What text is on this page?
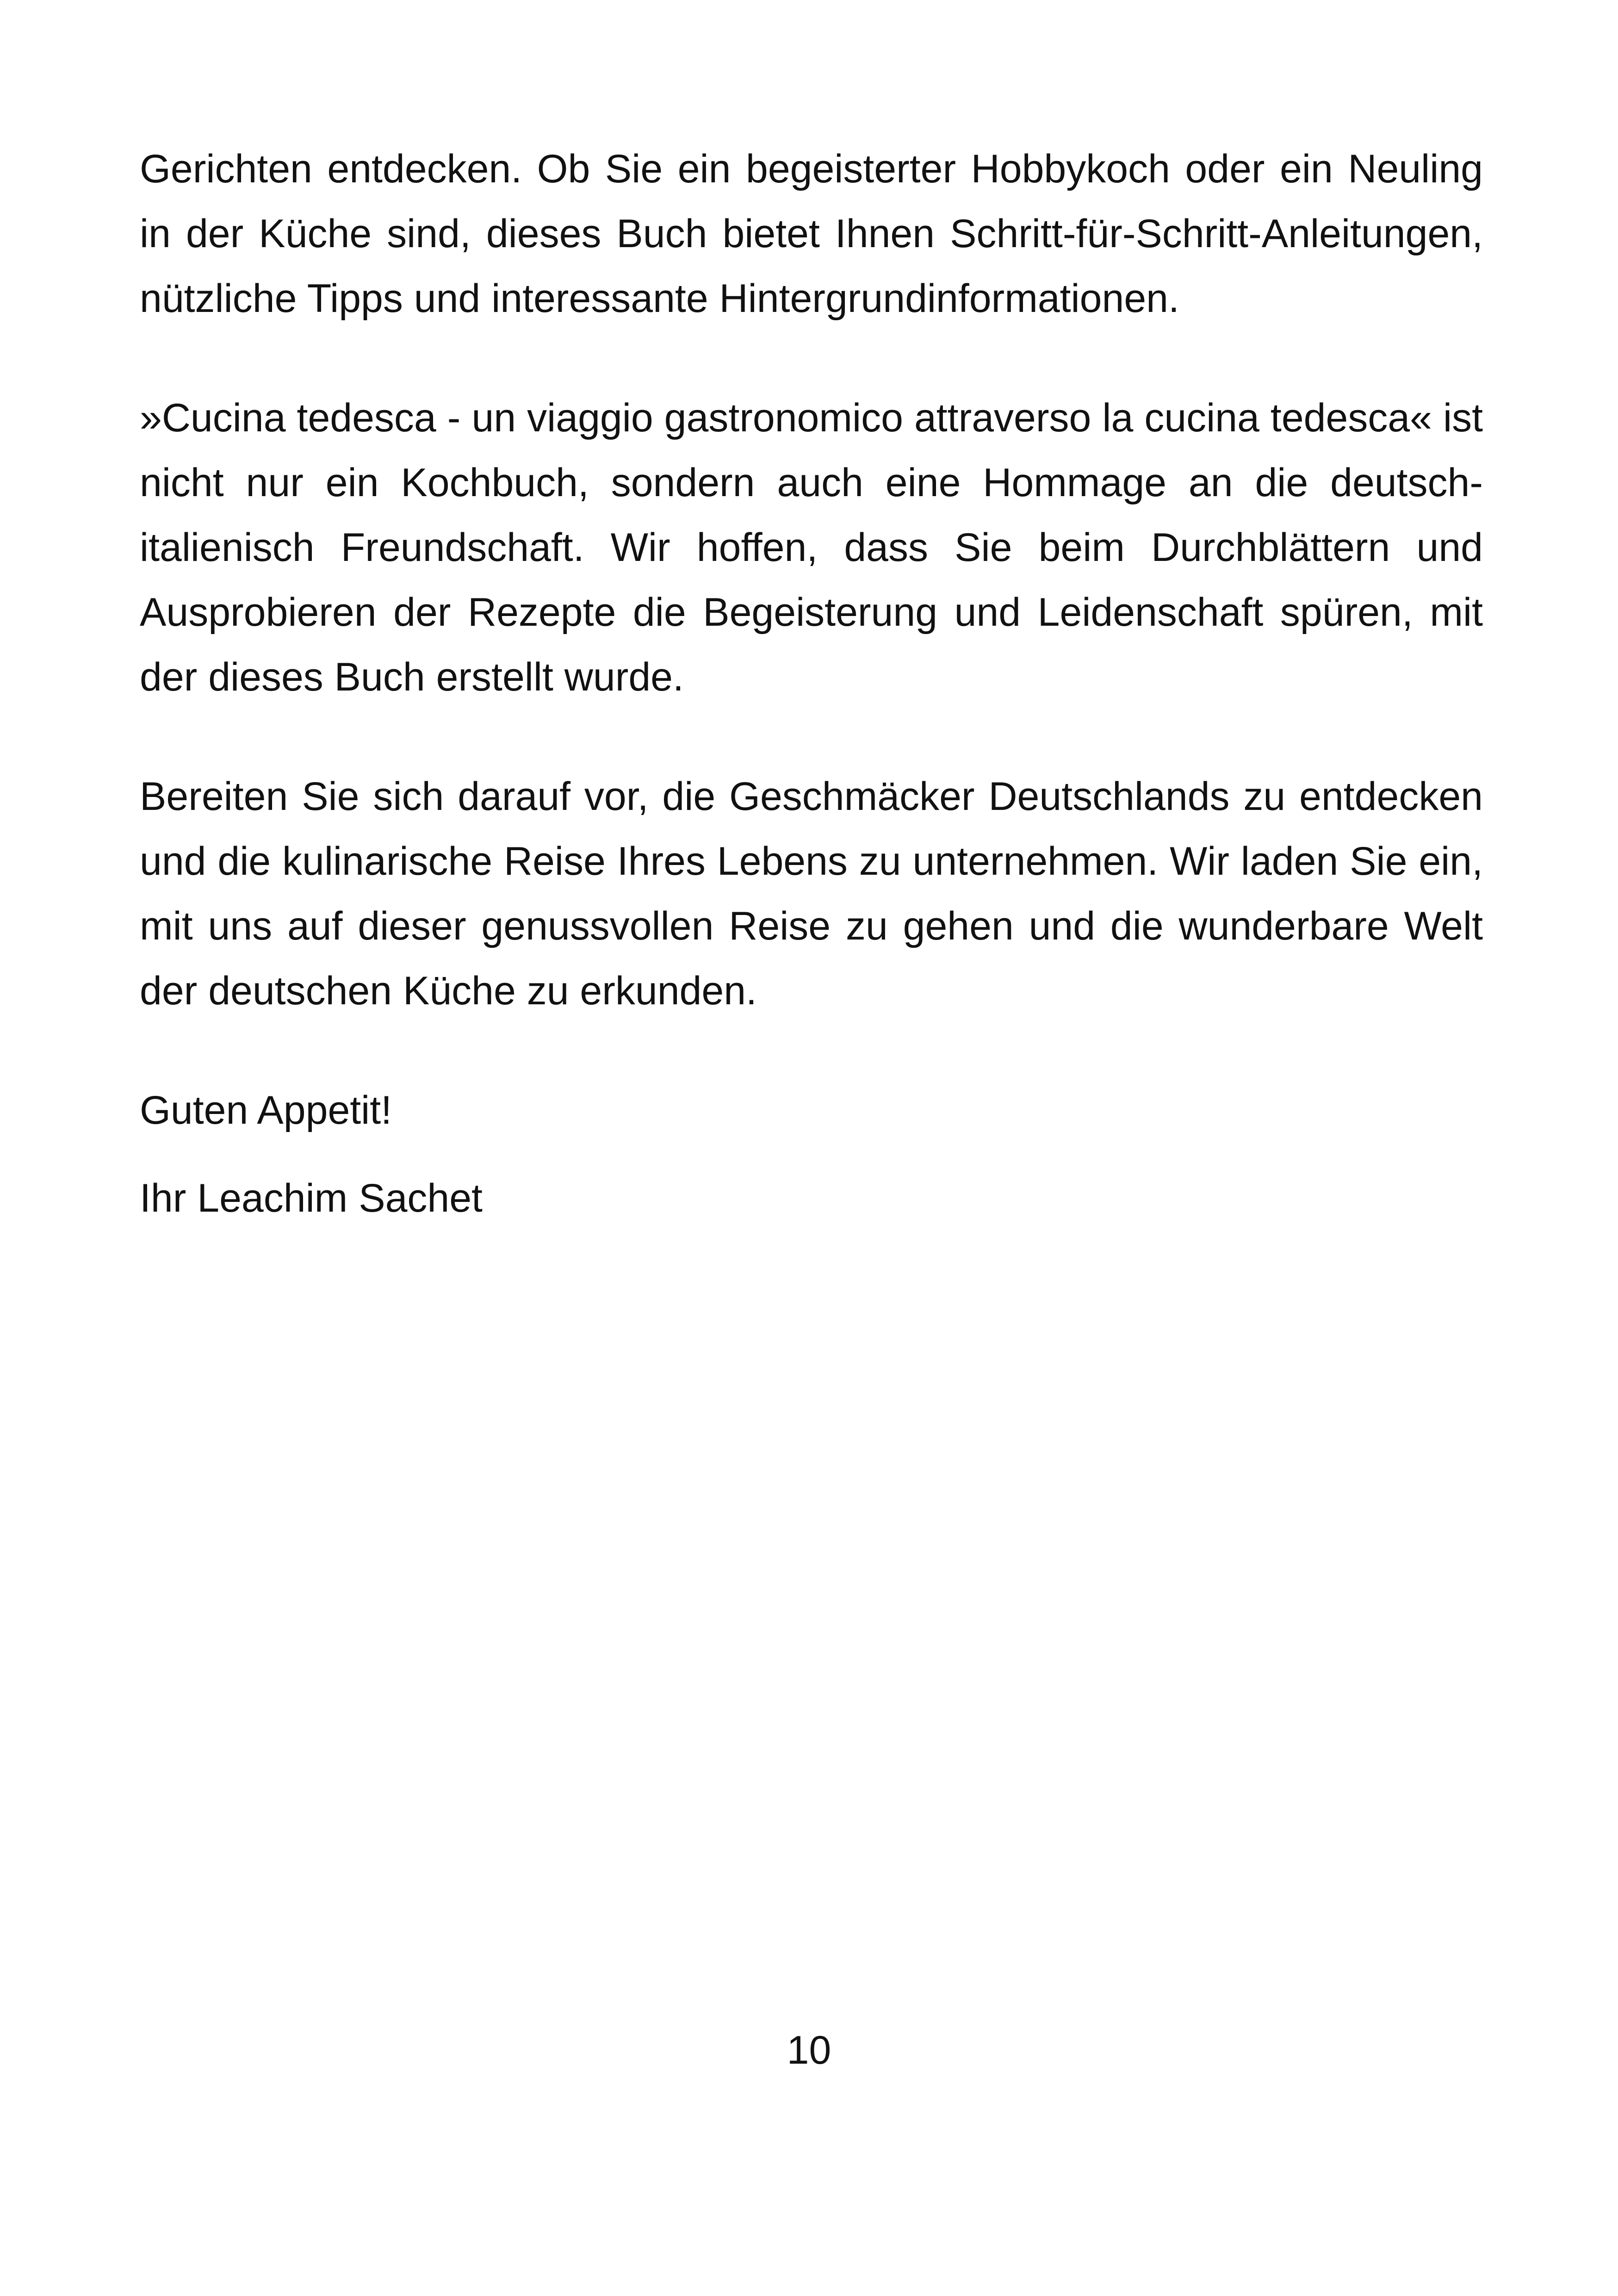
Gerichten entdecken. Ob Sie ein begeisterter Hobbykoch oder ein Neuling in der Küche sind, dieses Buch bietet Ihnen Schritt-für-Schritt-Anleitungen, nützliche Tipps und interessante Hintergrundinformationen.

»Cucina tedesca - un viaggio gastronomico attraverso la cucina tedesca« ist nicht nur ein Kochbuch, sondern auch eine Hommage an die deutsch-italienisch Freundschaft. Wir hoffen, dass Sie beim Durchblättern und Ausprobieren der Rezepte die Begeisterung und Leidenschaft spüren, mit der dieses Buch erstellt wurde.

Bereiten Sie sich darauf vor, die Geschmäcker Deutschlands zu entdecken und die kulinarische Reise Ihres Lebens zu unternehmen. Wir laden Sie ein, mit uns auf dieser genussvollen Reise zu gehen und die wunderbare Welt der deutschen Küche zu erkunden.

Guten Appetit!

Ihr Leachim Sachet

10
